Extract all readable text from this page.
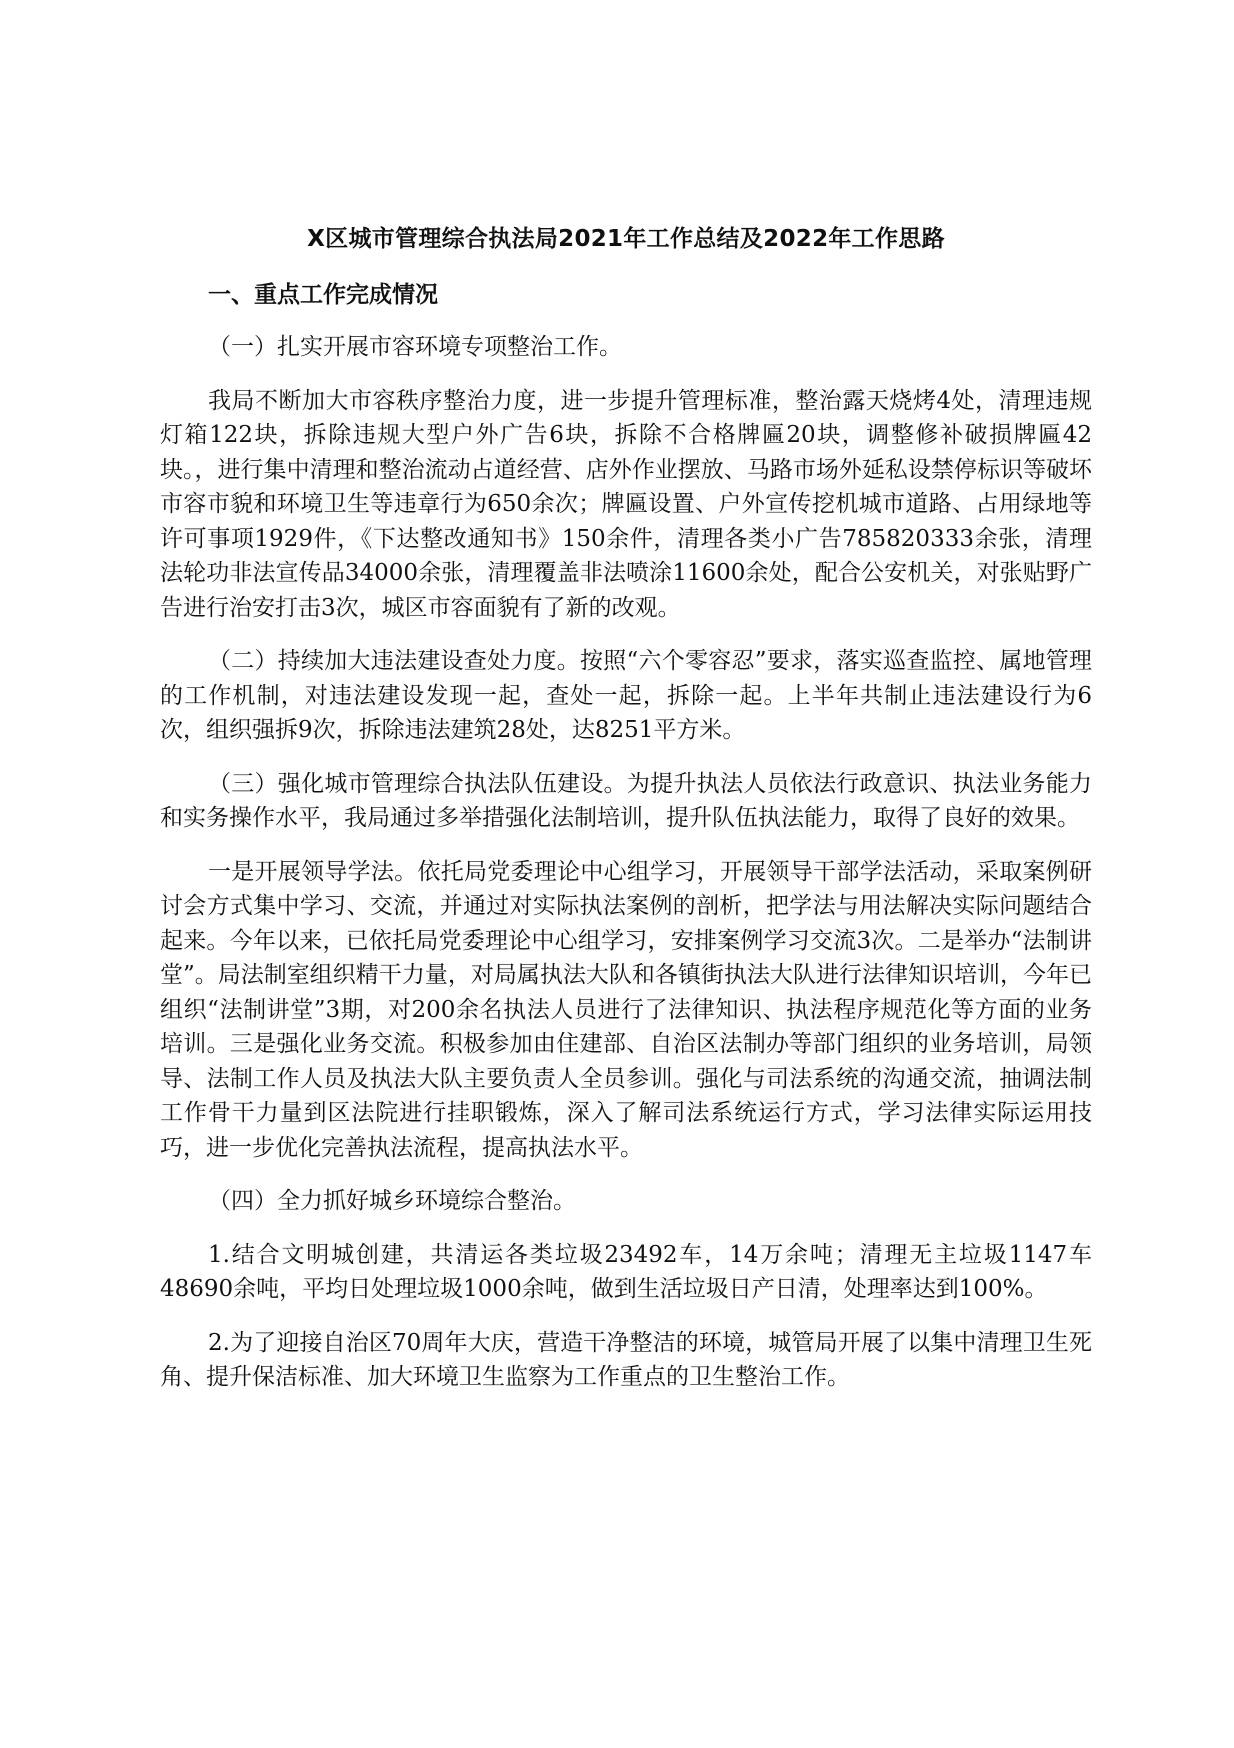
X区城市管理综合执法局2021年工作总结及2022年工作思路
一、重点工作完成情况

（一）扎实开展市容环境专项整治工作。

我局不断加大市容秩序整治力度，进一步提升管理标准，整治露天烧烤4处，清理违规灯箱122块，拆除违规大型户外广告6块，拆除不合格牌匾20块，调整修补破损牌匾42块。，进行集中清理和整治流动占道经营、店外作业摆放、马路市场外延私设禁停标识等破坏市容市貌和环境卫生等违章行为650余次；牌匾设置、户外宣传挖机城市道路、占用绿地等许可事项1929件，《下达整改通知书》150余件，清理各类小广告785820333余张，清理法轮功非法宣传品34000余张，清理覆盖非法喷涂11600余处，配合公安机关，对张贴野广告进行治安打击3次，城区市容面貌有了新的改观。

（二）持续加大违法建设查处力度。按照“六个零容忍”要求，落实巡查监控、属地管理的工作机制，对违法建设发现一起，查处一起，拆除一起。上半年共制止违法建设行为6次，组织强拆9次，拆除违法建筑28处，达8251平方米。

（三）强化城市管理综合执法队伍建设。为提升执法人员依法行政意识、执法业务能力和实务操作水平，我局通过多举措强化法制培训，提升队伍执法能力，取得了良好的效果。

一是开展领导学法。依托局党委理论中心组学习，开展领导干部学法活动，采取案例研讨会方式集中学习、交流，并通过对实际执法案例的剖析，把学法与用法解决实际问题结合起来。今年以来，已依托局党委理论中心组学习，安排案例学习交流3次。二是举办“法制讲堂”。局法制室组织精干力量，对局属执法大队和各镇街执法大队进行法律知识培训，今年已组织“法制讲堂”3期，对200余名执法人员进行了法律知识、执法程序规范化等方面的业务培训。三是强化业务交流。积极参加由住建部、自治区法制办等部门组织的业务培训，局领导、法制工作人员及执法大队主要负责人全员参训。强化与司法系统的沟通交流，抽调法制工作骨干力量到区法院进行挂职锻炼，深入了解司法系统运行方式，学习法律实际运用技巧，进一步优化完善执法流程，提高执法水平。

（四）全力抓好城乡环境综合整治。

1.结合文明城创建，共清运各类垃圾23492车，14万余吨；清理无主垃圾1147车48690余吨，平均日处理垃圾1000余吨，做到生活垃圾日产日清，处理率达到100%。

2.为了迎接自治区70周年大庆，营造干净整洁的环境，城管局开展了以集中清理卫生死角、提升保洁标准、加大环境卫生监察为工作重点的卫生整治工作。
